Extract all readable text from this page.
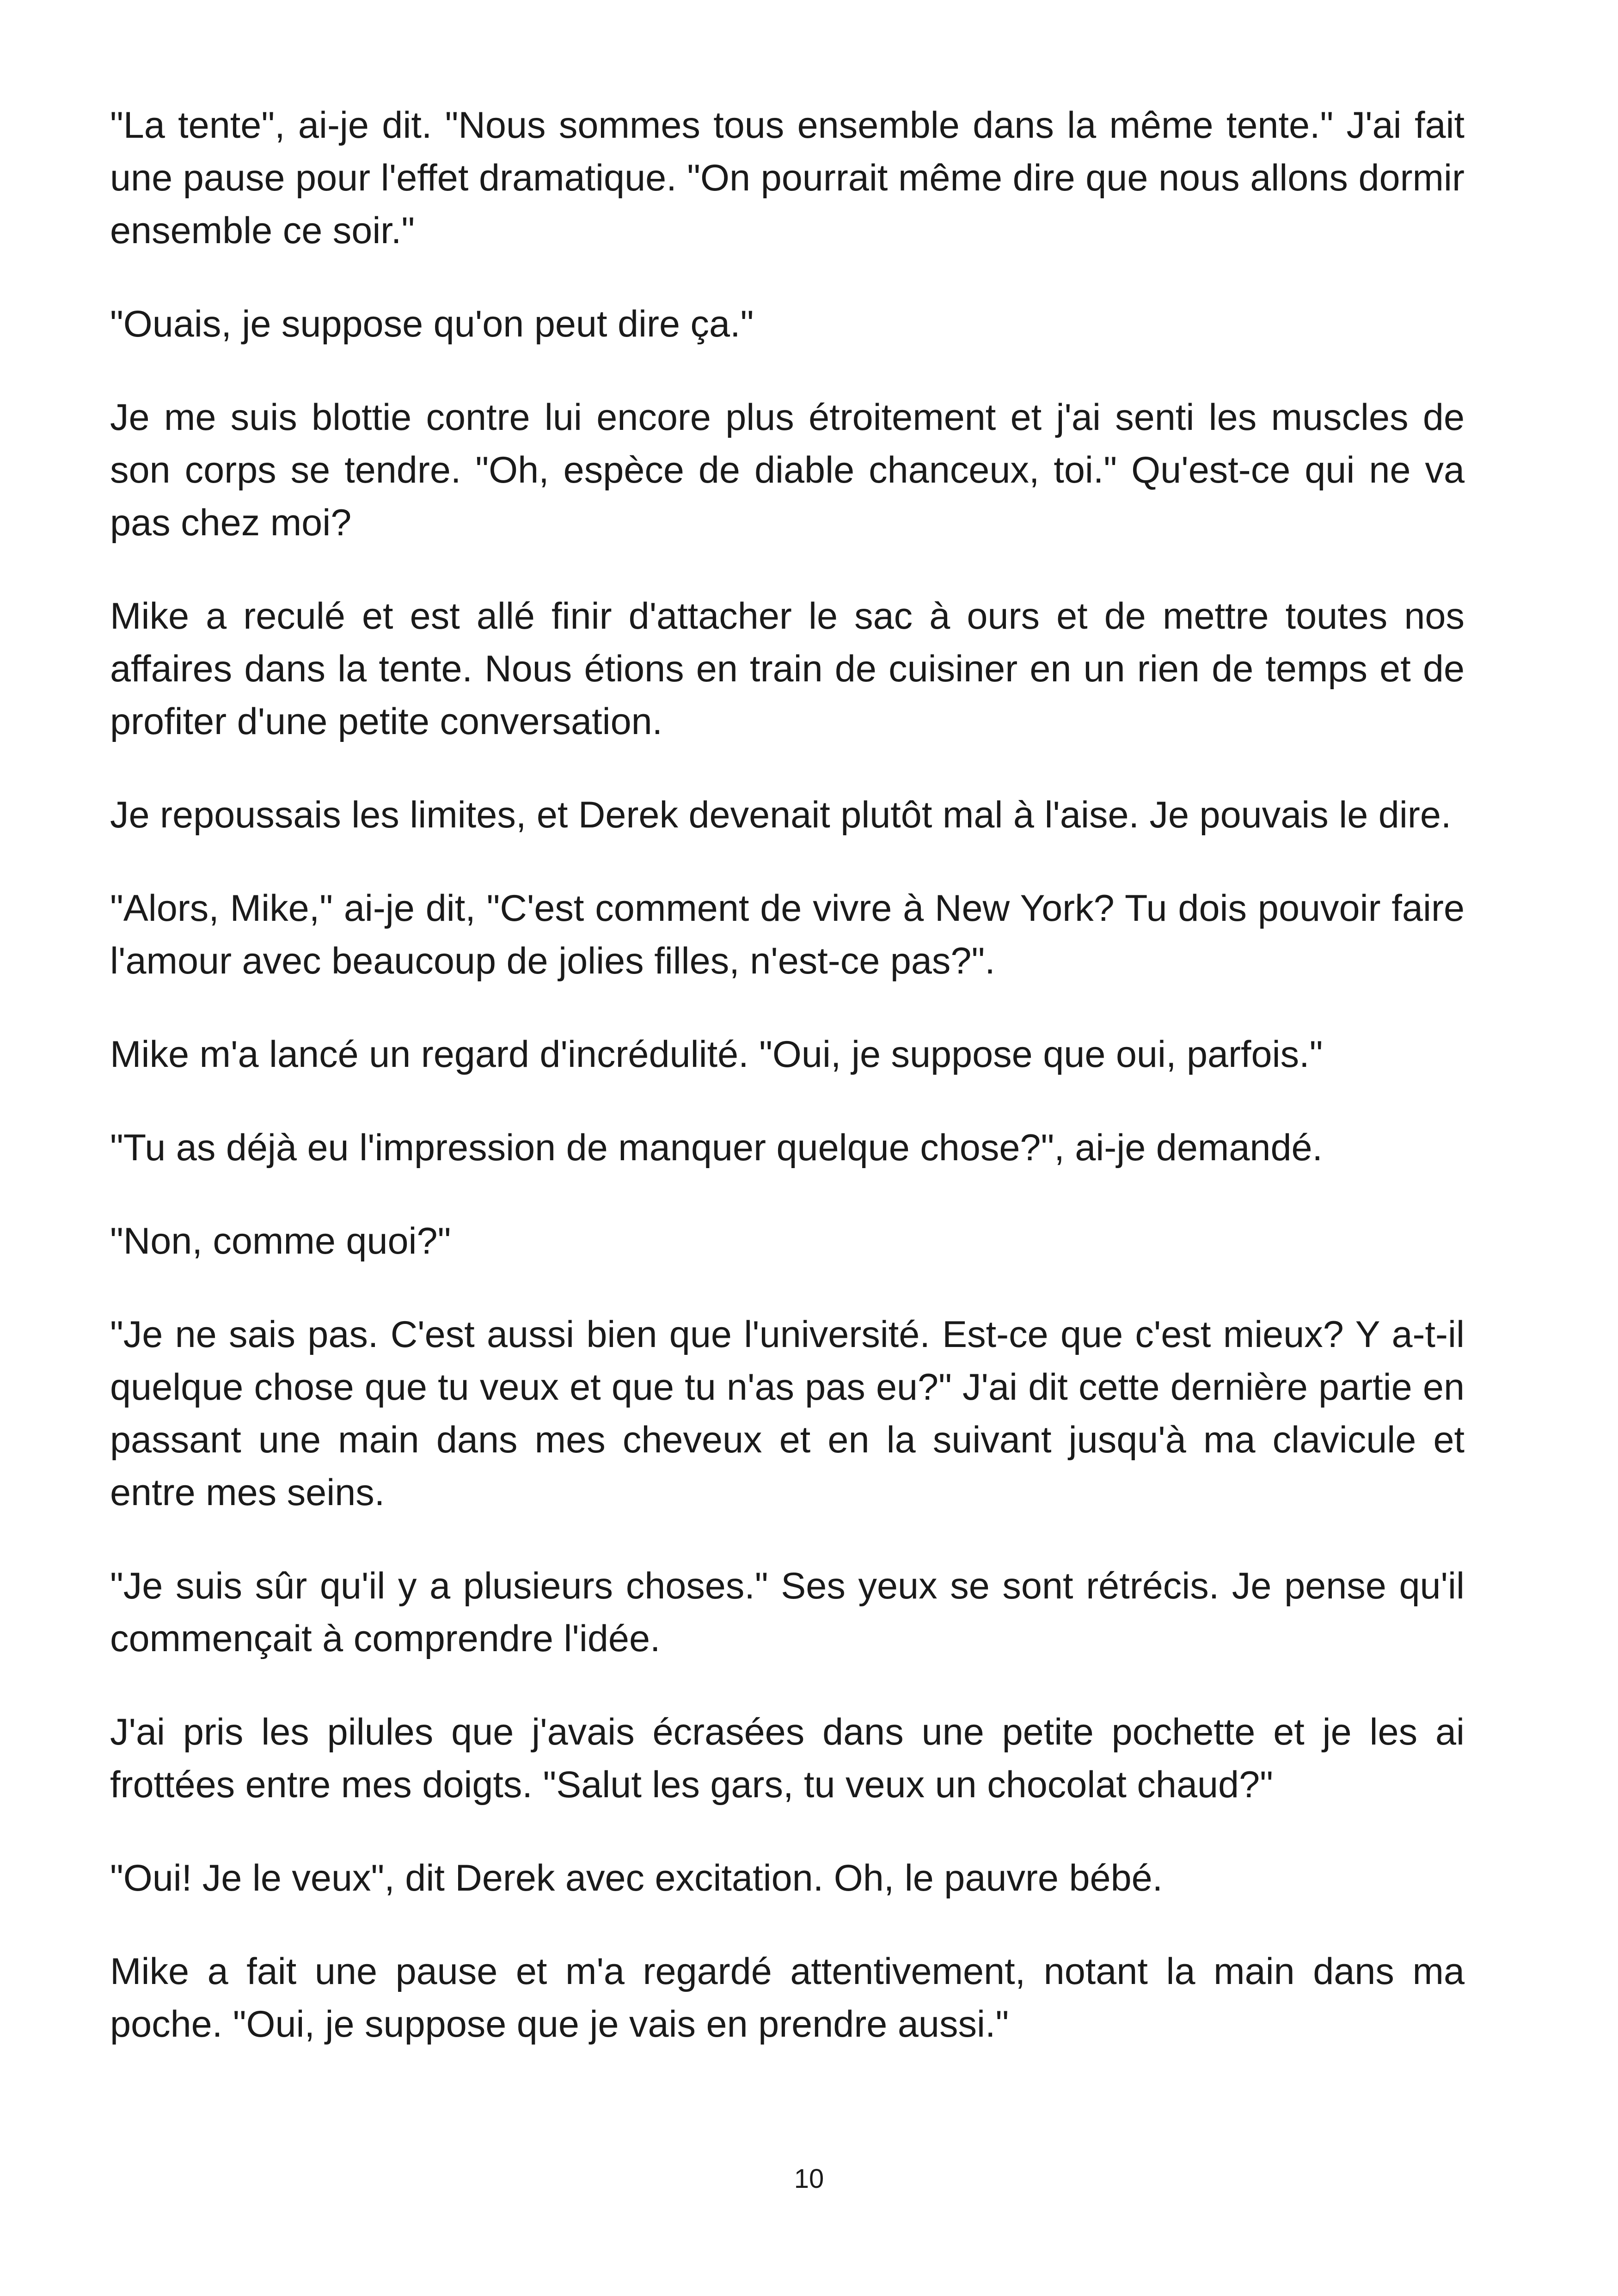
"La tente", ai-je dit. "Nous sommes tous ensemble dans la même tente." J'ai fait une pause pour l'effet dramatique. "On pourrait même dire que nous allons dormir ensemble ce soir."

"Ouais, je suppose qu'on peut dire ça."

Je me suis blottie contre lui encore plus étroitement et j'ai senti les muscles de son corps se tendre. "Oh, espèce de diable chanceux, toi." Qu'est-ce qui ne va pas chez moi?

Mike a reculé et est allé finir d'attacher le sac à ours et de mettre toutes nos affaires dans la tente. Nous étions en train de cuisiner en un rien de temps et de profiter d'une petite conversation.

Je repoussais les limites, et Derek devenait plutôt mal à l'aise. Je pouvais le dire.

"Alors, Mike," ai-je dit, "C'est comment de vivre à New York? Tu dois pouvoir faire l'amour avec beaucoup de jolies filles, n'est-ce pas?".

Mike m'a lancé un regard d'incrédulité. "Oui, je suppose que oui, parfois."

"Tu as déjà eu l'impression de manquer quelque chose?", ai-je demandé.

"Non, comme quoi?"

"Je ne sais pas. C'est aussi bien que l'université. Est-ce que c'est mieux? Y a-t-il quelque chose que tu veux et que tu n'as pas eu?" J'ai dit cette dernière partie en passant une main dans mes cheveux et en la suivant jusqu'à ma clavicule et entre mes seins.

"Je suis sûr qu'il y a plusieurs choses." Ses yeux se sont rétrécis. Je pense qu'il commençait à comprendre l'idée.

J'ai pris les pilules que j'avais écrasées dans une petite pochette et je les ai frottées entre mes doigts. "Salut les gars, tu veux un chocolat chaud?"

"Oui! Je le veux", dit Derek avec excitation. Oh, le pauvre bébé.

Mike a fait une pause et m'a regardé attentivement, notant la main dans ma poche. "Oui, je suppose que je vais en prendre aussi."

10
